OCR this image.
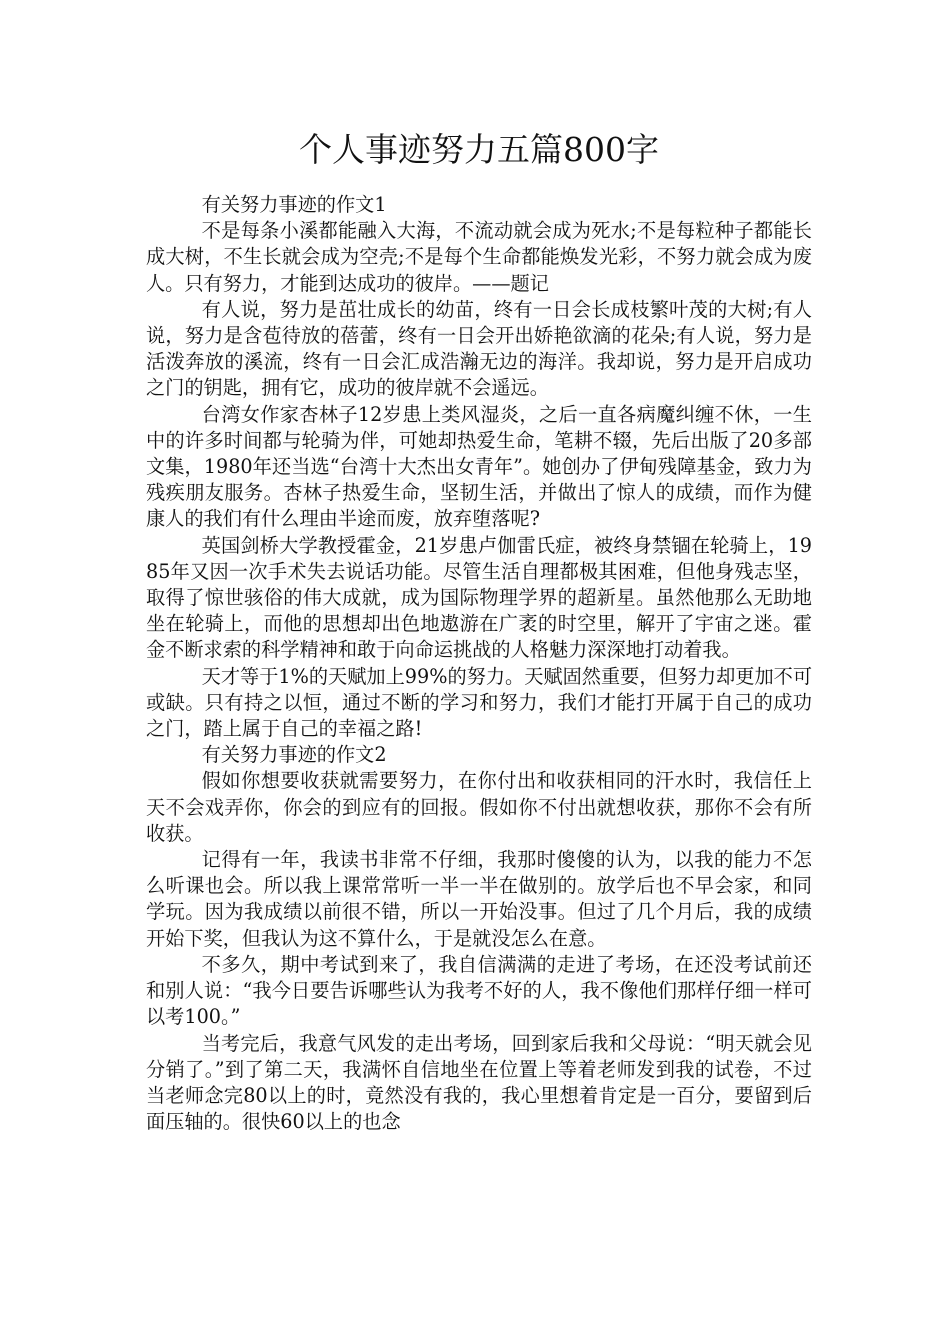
个人事迹努力五篇800字

有关努力事迹的作文1

不是每条小溪都能融入大海，不流动就会成为死水;不是每粒种子都能长成大树，不生长就会成为空壳;不是每个生命都能焕发光彩，不努力就会成为废人。只有努力，才能到达成功的彼岸。——题记

有人说，努力是茁壮成长的幼苗，终有一日会长成枝繁叶茂的大树;有人说，努力是含苞待放的蓓蕾，终有一日会开出娇艳欲滴的花朵;有人说，努力是活泼奔放的溪流，终有一日会汇成浩瀚无边的海洋。我却说，努力是开启成功之门的钥匙，拥有它，成功的彼岸就不会遥远。

台湾女作家杏林子12岁患上类风湿炎，之后一直各病魔纠缠不休，一生中的许多时间都与轮骑为伴，可她却热爱生命，笔耕不辍，先后出版了20多部文集，1980年还当选“台湾十大杰出女青年”。她创办了伊甸残障基金，致力为残疾朋友服务。杏林子热爱生命，坚韧生活，并做出了惊人的成绩，而作为健康人的我们有什么理由半途而废，放弃堕落呢?

英国剑桥大学教授霍金，21岁患卢伽雷氏症，被终身禁锢在轮骑上，1985年又因一次手术失去说话功能。尽管生活自理都极其困难，但他身残志坚，取得了惊世骇俗的伟大成就，成为国际物理学界的超新星。虽然他那么无助地坐在轮骑上，而他的思想却出色地遨游在广袤的时空里，解开了宇宙之迷。霍金不断求索的科学精神和敢于向命运挑战的人格魅力深深地打动着我。

天才等于1%的天赋加上99%的努力。天赋固然重要，但努力却更加不可或缺。只有持之以恒，通过不断的学习和努力，我们才能打开属于自己的成功之门，踏上属于自己的幸福之路!

有关努力事迹的作文2

假如你想要收获就需要努力，在你付出和收获相同的汗水时，我信任上天不会戏弄你，你会的到应有的回报。假如你不付出就想收获，那你不会有所收获。

记得有一年，我读书非常不仔细，我那时傻傻的认为，以我的能力不怎么听课也会。所以我上课常常听一半一半在做别的。放学后也不早会家，和同学玩。因为我成绩以前很不错，所以一开始没事。但过了几个月后，我的成绩开始下奖，但我认为这不算什么，于是就没怎么在意。

不多久，期中考试到来了，我自信满满的走进了考场，在还没考试前还和别人说：“我今日要告诉哪些认为我考不好的人，我不像他们那样仔细一样可以考100。”

当考完后，我意气风发的走出考场，回到家后我和父母说：“明天就会见分销了。”到了第二天，我满怀自信地坐在位置上等着老师发到我的试卷，不过当老师念完80以上的时，竟然没有我的，我心里想着肯定是一百分，要留到后面压轴的。很快60以上的也念
